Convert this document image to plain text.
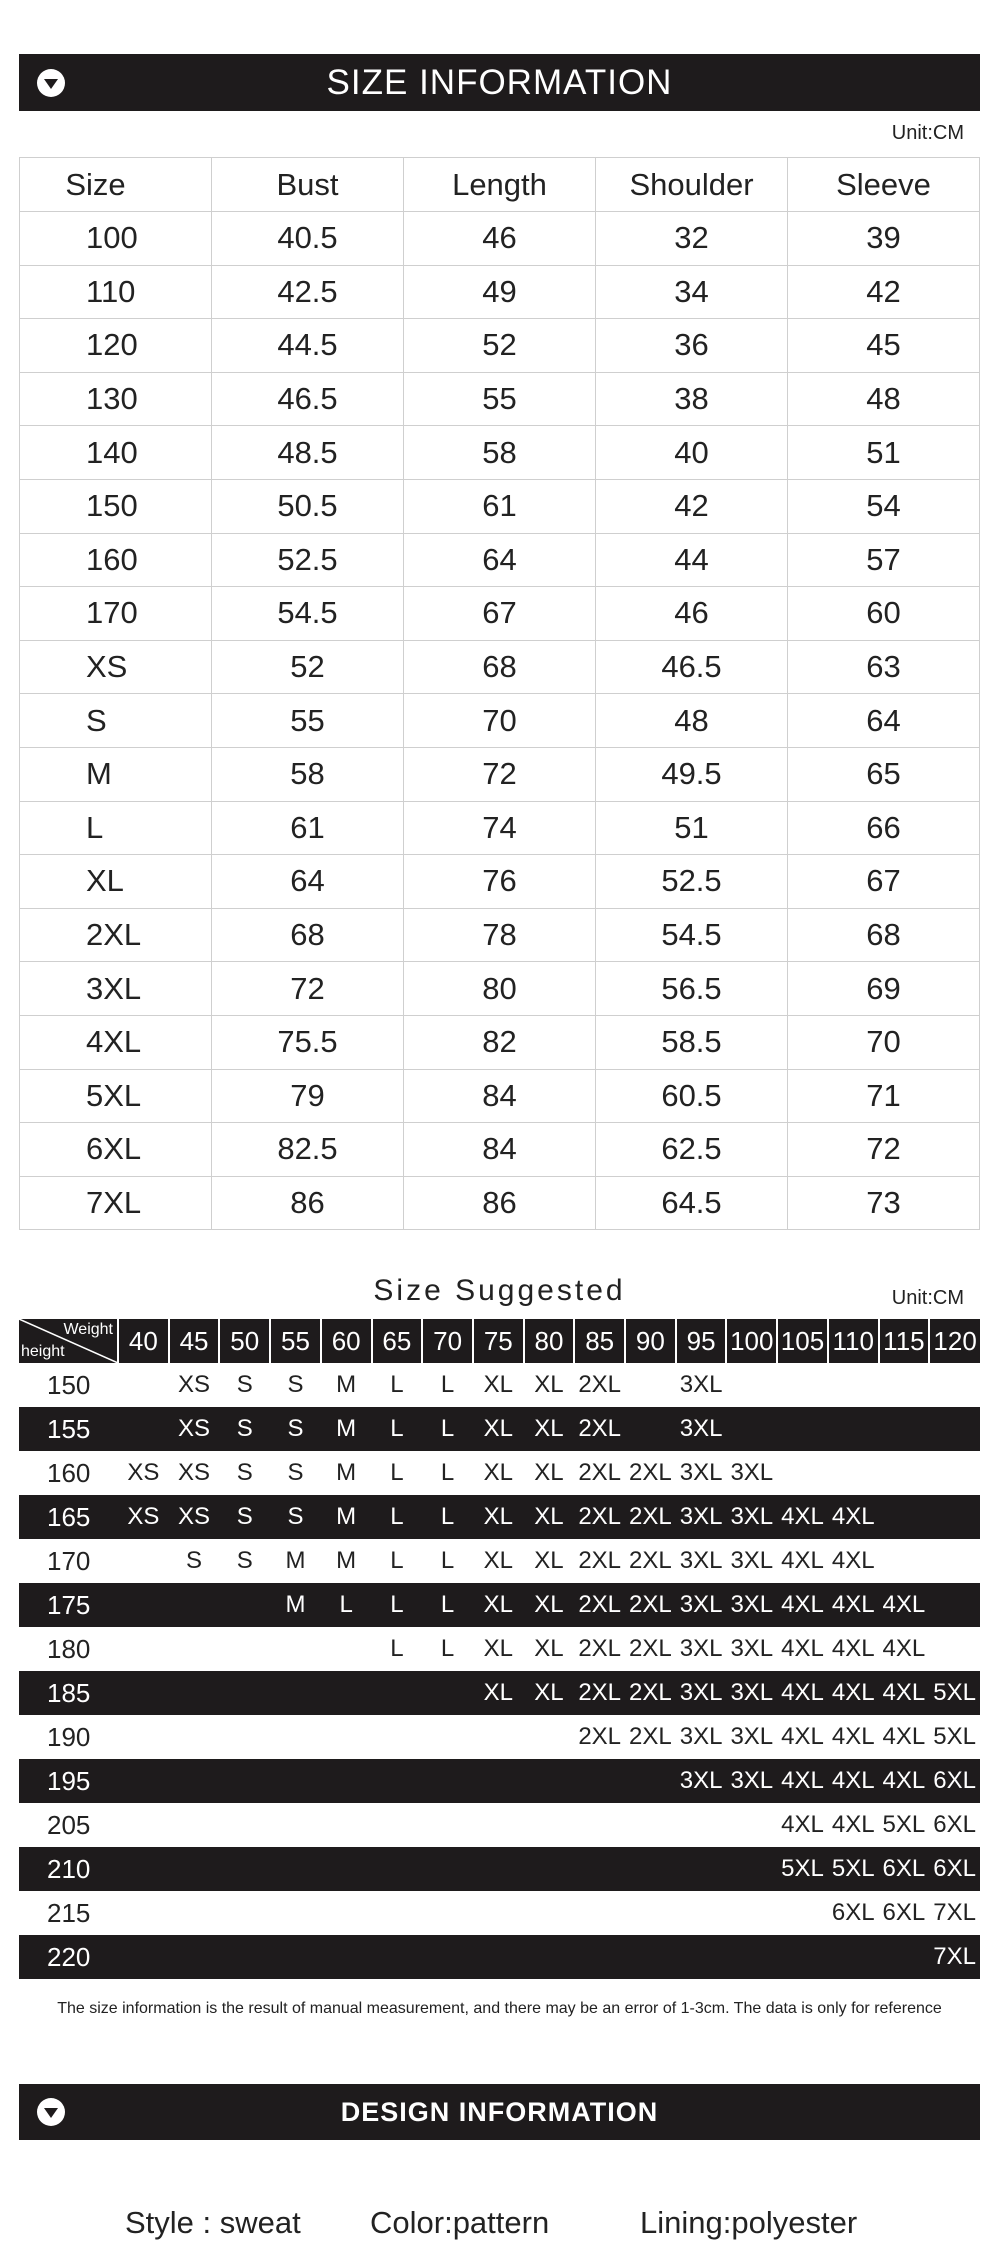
SIZE INFORMATION
Unit:CM
Size	Bust	Length	Shoulder	Sleeve
100	40.5	46	32	39
110	42.5	49	34	42
120	44.5	52	36	45
130	46.5	55	38	48
140	48.5	58	40	51
150	50.5	61	42	54
160	52.5	64	44	57
170	54.5	67	46	60
XS	52	68	46.5	63
S	55	70	48	64
M	58	72	49.5	65
L	61	74	51	66
XL	64	76	52.5	67
2XL	68	78	54.5	68
3XL	72	80	56.5	69
4XL	75.5	82	58.5	70
5XL	79	84	60.5	71
6XL	82.5	84	62.5	72
7XL	86	86	64.5	73
Size Suggested	Unit:CM
Weight
height	40	45	50	55	60	65	70	75	80	85	90	95	100	105	110	115	120
150		XS	S	S	M	L	L	XL	XL	2XL		3XL					
155		XS	S	S	M	L	L	XL	XL	2XL		3XL					
160	XS	XS	S	S	M	L	L	XL	XL	2XL	2XL	3XL	3XL				
165	XS	XS	S	S	M	L	L	XL	XL	2XL	2XL	3XL	3XL	4XL	4XL		
170		S	S	M	M	L	L	XL	XL	2XL	2XL	3XL	3XL	4XL	4XL		
175				M	L	L	L	XL	XL	2XL	2XL	3XL	3XL	4XL	4XL	4XL	
180						L	L	XL	XL	2XL	2XL	3XL	3XL	4XL	4XL	4XL	
185								XL	XL	2XL	2XL	3XL	3XL	4XL	4XL	4XL	5XL
190										2XL	2XL	3XL	3XL	4XL	4XL	4XL	5XL
195												3XL	3XL	4XL	4XL	4XL	6XL
205														4XL	4XL	5XL	6XL
210														5XL	5XL	6XL	6XL
215															6XL	6XL	7XL
220																	7XL
The size information is the result of manual measurement, and there may be an error of 1-3cm. The data is only for reference
DESIGN INFORMATION
Style : sweat Color:pattern	Lining:polyester
